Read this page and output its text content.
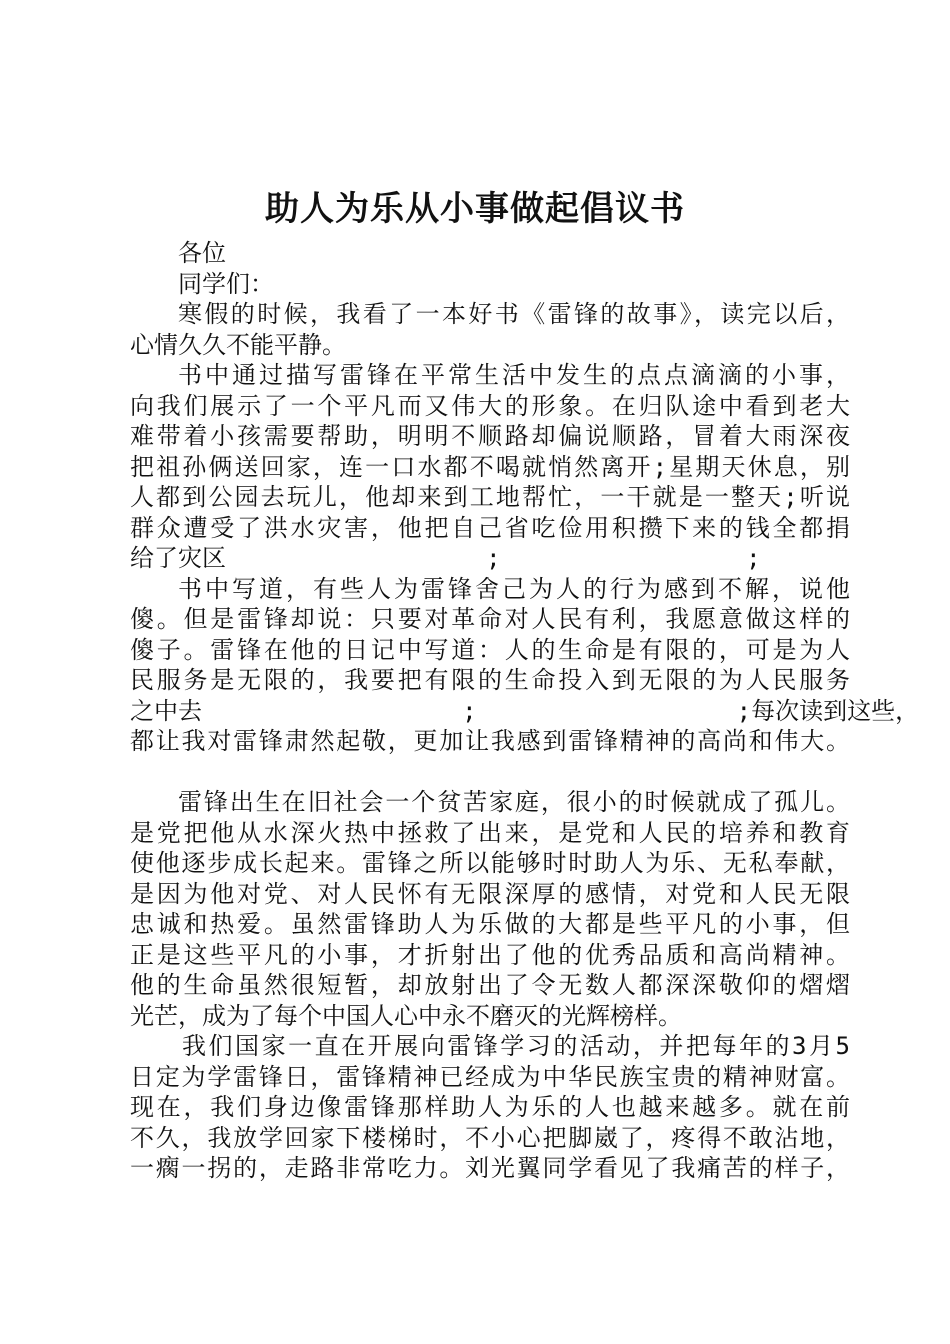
助人为乐从小事做起倡议书
各位
同学们：
寒假的时候，我看了一本好书《雷锋的故事》，读完以后，
心情久久不能平静。
书中通过描写雷锋在平常生活中发生的点点滴滴的小事，
向我们展示了一个平凡而又伟大的形象。在归队途中看到老大
难带着小孩需要帮助，明明不顺路却偏说顺路，冒着大雨深夜
把祖孙俩送回家，连一口水都不喝就悄然离开;星期天休息，别
人都到公园去玩儿，他却来到工地帮忙，一干就是一整天;听说
群众遭受了洪水灾害，他把自己省吃俭用积攒下来的钱全都捐
给了灾区                  ;                 ;
书中写道，有些人为雷锋舍己为人的行为感到不解，说他
傻。但是雷锋却说：只要对革命对人民有利，我愿意做这样的
傻子。雷锋在他的日记中写道：人的生命是有限的，可是为人
民服务是无限的，我要把有限的生命投入到无限的为人民服务
之中去                  ;                  ;每次读到这些，
都让我对雷锋肃然起敬，更加让我感到雷锋精神的高尚和伟大。
雷锋出生在旧社会一个贫苦家庭，很小的时候就成了孤儿。
是党把他从水深火热中拯救了出来，是党和人民的培养和教育
使他逐步成长起来。雷锋之所以能够时时助人为乐、无私奉献，
是因为他对党、对人民怀有无限深厚的感情，对党和人民无限
忠诚和热爱。虽然雷锋助人为乐做的大都是些平凡的小事，但
正是这些平凡的小事，才折射出了他的优秀品质和高尚精神。
他的生命虽然很短暂，却放射出了令无数人都深深敬仰的熠熠
光芒，成为了每个中国人心中永不磨灭的光辉榜样。
我们国家一直在开展向雷锋学习的活动，并把每年的3月5
日定为学雷锋日，雷锋精神已经成为中华民族宝贵的精神财富。
现在，我们身边像雷锋那样助人为乐的人也越来越多。就在前
不久，我放学回家下楼梯时，不小心把脚崴了，疼得不敢沾地，
一瘸一拐的，走路非常吃力。刘光翼同学看见了我痛苦的样子，
